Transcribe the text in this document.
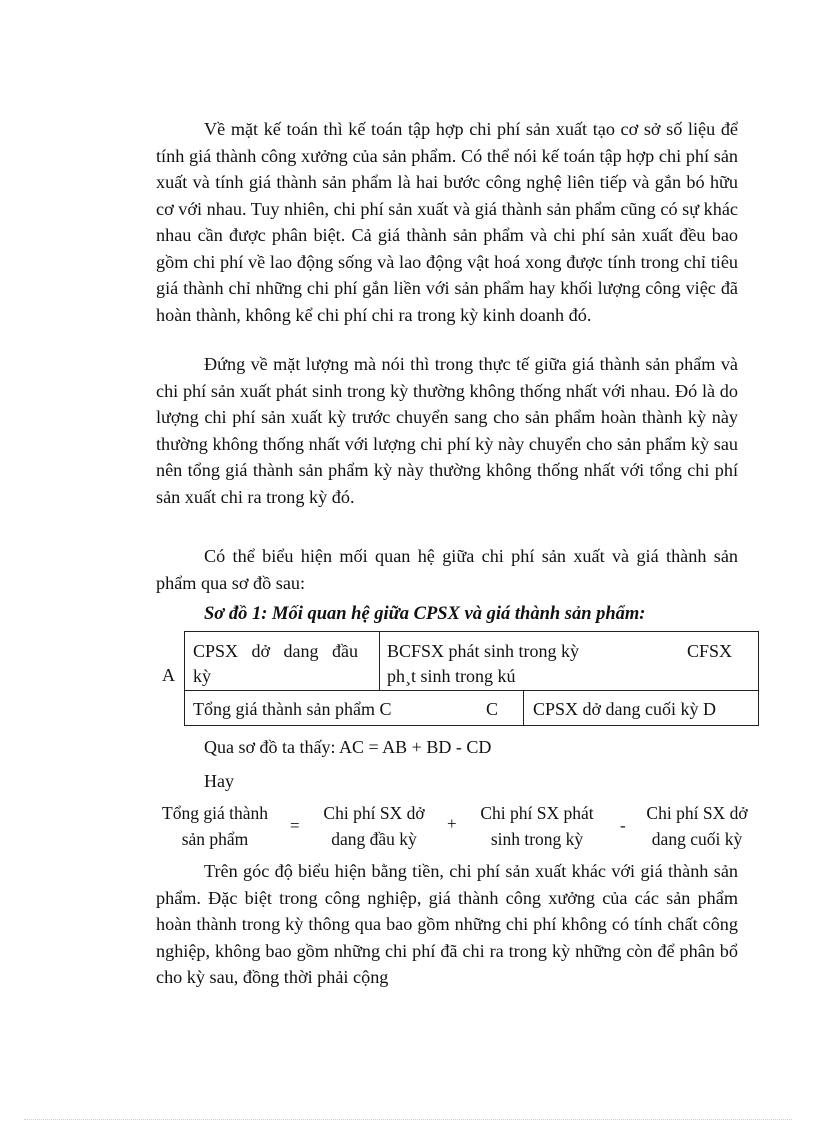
Về mặt kế toán thì kế toán tập hợp chi phí sản xuất tạo cơ sở số liệu để tính giá thành công xưởng của sản phẩm. Có thể nói kế toán tập hợp chi phí sản xuất và tính giá thành sản phẩm là hai bước công nghệ liên tiếp và gắn bó hữu cơ với nhau. Tuy nhiên, chi phí sản xuất và giá thành sản phẩm cũng có sự khác nhau cần được phân biệt. Cả giá thành sản phẩm và chi phí sản xuất đều bao gồm chi phí về lao động sống và lao động vật hoá xong được tính trong chỉ tiêu giá thành chỉ những chi phí gắn liền với sản phẩm hay khối lượng công việc đã hoàn thành, không kể chi phí chi ra trong kỳ kinh doanh đó.

Đứng về mặt lượng mà nói thì trong thực tế giữa giá thành sản phẩm và chi phí sản xuất phát sinh trong kỳ thường không thống nhất với nhau. Đó là do lượng chi phí sản xuất kỳ trước chuyển sang cho sản phẩm hoàn thành kỳ này thường không thống nhất với lượng chi phí kỳ này chuyển cho sản phẩm kỳ sau nên tổng giá thành sản phẩm kỳ này thường không thống nhất với tổng chi phí sản xuất chi ra trong kỳ đó.

Có thể biểu hiện mối quan hệ giữa chi phí sản xuất và giá thành sản phẩm qua sơ đồ sau:

Sơ đồ 1: Mối quan hệ giữa CPSX và giá thành sản phẩm:
A
CPSX   dở   dang   đầu
kỳ
BCFSX phát sinh trong kỳ
ph¸t sinh trong kú
CFSX
Tổng giá thành sản phẩm C	C	CPSX dở dang cuối kỳ D
Qua sơ đồ ta thấy: AC = AB + BD - CD
Hay
Tổng giá thành
sản phẩm
=
Chi phí SX dở
dang đầu kỳ
+
Chi phí SX phát
sinh trong kỳ
-
Chi phí SX dở
dang cuối kỳ

Trên góc độ biểu hiện bằng tiền, chi phí sản xuất khác với giá thành sản phẩm. Đặc biệt trong công nghiệp, giá thành công xưởng của các sản phẩm hoàn thành trong kỳ thông qua bao gồm những chi phí không có tính chất công nghiệp, không bao gồm những chi phí đã chi ra trong kỳ những còn để phân bổ cho kỳ sau, đồng thời phải cộng
